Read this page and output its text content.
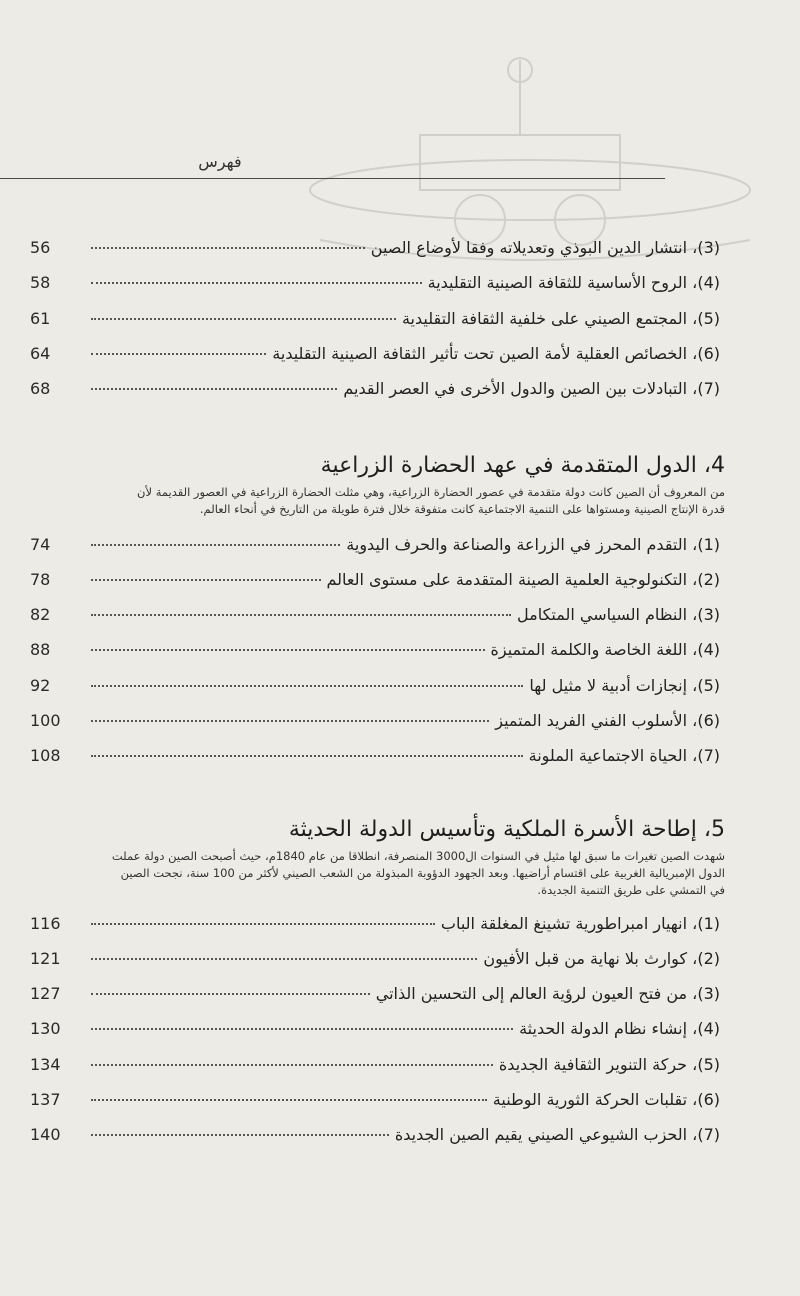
فهرس
56	(3)، انتشار الدين البوذي وتعديلاته وفقا لأوضاع الصين
58	(4)، الروح الأساسية للثقافة الصينية التقليدية
61	(5)، المجتمع الصيني على خلفية الثقافة التقليدية
64	(6)، الخصائص العقلية لأمة الصين تحت تأثير الثقافة الصينية التقليدية
68	(7)، التبادلات بين الصين والدول الأخرى في العصر القديم
4، الدول المتقدمة في عهد الحضارة الزراعية
من المعروف أن الصين كانت دولة متقدمة في عصور الحضارة الزراعية، وهي مثلت الحضارة الزراعية في العصور القديمة لأن
قدرة الإنتاج الصينية ومستواها على التنمية الاجتماعية كانت متفوقة خلال فترة طويلة من التاريخ في أنحاء العالم.
74	(1)، التقدم المحرز في الزراعة والصناعة والحرف اليدوية
78	(2)، التكنولوجية العلمية الصينة المتقدمة على مستوى العالم
82	(3)، النظام السياسي المتكامل
88	(4)، اللغة الخاصة والكلمة المتميزة
92	(5)، إنجازات أدبية لا مثيل لها
100	(6)، الأسلوب الفني الفريد المتميز
108	(7)، الحياة الاجتماعية الملونة
5، إطاحة الأسرة الملكية وتأسيس الدولة الحديثة
شهدت الصين تغيرات ما سبق لها مثيل في السنوات ال3000 المنصرفة، انطلاقا من عام 1840م، حيث أصبحت الصين دولة عملت
الدول الإمبريالية الغربية على اقتسام أراضيها. وبعد الجهود الدؤوبة المبذولة من الشعب الصيني لأكثر من 100 سنة، نجحت الصين
في التمشي على طريق التنمية الجديدة.
116	(1)، انهيار امبراطورية تشينغ المغلقة الباب
121	(2)، كوارث بلا نهاية من قبل الأفيون
127	(3)، من فتح العيون لرؤية العالم إلى التحسين الذاتي
130	(4)، إنشاء نظام الدولة الحديثة
134	(5)، حركة التنوير الثقافية الجديدة
137	(6)، تقلبات الحركة الثورية الوطنية
140	(7)، الحزب الشيوعي الصيني يقيم الصين الجديدة
